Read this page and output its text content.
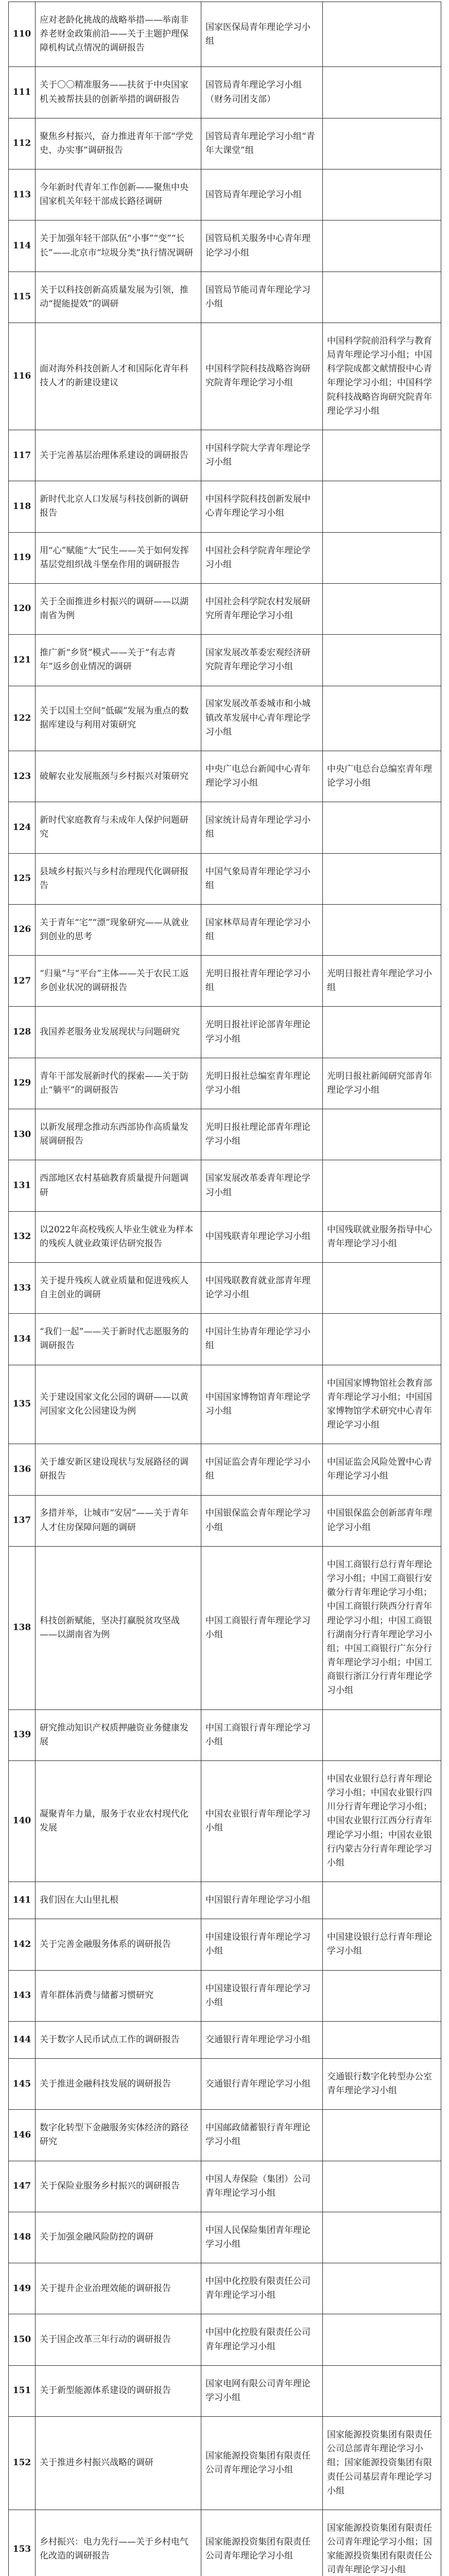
110	应对老龄化挑战的战略举措——举南非养老财金政策前沿——关于主题护理保障机构试点情况的调研报告	国家医保局青年理论学习小组	
111	关于〇〇精准服务——扶贫于中央国家机关被帮扶县的创新举措的调研报告	国管局青年理论学习小组（财务司团支部）	
112	聚焦乡村振兴，奋力推进青年干部“学党史、办实事”调研报告	国管局青年理论学习小组“青年大课堂”组	
113	今年新时代青年工作创新——聚焦中央国家机关年轻干部成长路径调研	国管局青年理论学习小组	
114	关于加强年轻干部队伍“小事”“变”“长长”——北京市“垃圾分类”执行情况调研	国管局机关服务中心青年理论学习小组	
115	关于以科技创新高质量发展为引领，推动“提能提效”的调研	国管局节能司青年理论学习小组	
116	面对海外科技创新人才和国际化青年科技人才的新建设建议	中国科学院科技战略咨询研究院青年理论学习小组	中国科学院前沿科学与教育局青年理论学习小组；中国科学院成都文献情报中心青年理论学习小组；中国科学院科技战略咨询研究院青年理论学习小组
117	关于完善基层治理体系建设的调研报告	中国科学院大学青年理论学习小组	
118	新时代北京人口发展与科技创新的调研报告	中国科学院科技创新发展中心青年理论学习小组	
119	用“心”赋能“大”民生——关于如何发挥基层党组织战斗堡垒作用的调研报告	中国社会科学院青年理论学习小组	
120	关于全面推进乡村振兴的调研——以湖南省为例	中国社会科学院农村发展研究所青年理论学习小组	
121	推广新“乡贤”模式——关于“有志青年”返乡创业情况的调研	国家发展改革委宏观经济研究院青年理论学习小组	
122	关于以国土空间“低碳”发展为重点的数据库建设与利用对策研究	国家发展改革委城市和小城镇改革发展中心青年理论学习小组	
123	破解农业发展瓶颈与乡村振兴对策研究	中央广电总台新闻中心青年理论学习小组	中央广电总台总编室青年理论学习小组
124	新时代家庭教育与未成年人保护问题研究	国家统计局青年理论学习小组	
125	县域乡村振兴与乡村治理现代化调研报告	中国气象局青年理论学习小组	
126	关于青年“宅”“漂”现象研究——从就业到创业的思考	国家林草局青年理论学习小组	
127	“归巢”与“平台”主体——关于农民工返乡创业状况的调研报告	光明日报社青年理论学习小组	光明日报社青年理论学习小组
128	我国养老服务业发展现状与问题研究	光明日报社评论部青年理论学习小组	
129	青年干部发展新时代的探索——关于防止“躺平”的调研报告	光明日报社总编室青年理论学习小组	光明日报社新闻研究部青年理论学习小组
130	以新发展理念推动东西部协作高质量发展调研报告	光明日报社理论部青年理论学习小组	
131	西部地区农村基础教育质量提升问题调研	国家发展改革委青年理论学习小组	
132	以2022年高校残疾人毕业生就业为样本的残疾人就业政策评估研究报告	中国残联青年理论学习小组	中国残联就业服务指导中心青年理论学习小组
133	关于提升残疾人就业质量和促进残疾人自主创业的调研	中国残联教育就业部青年理论学习小组	
134	“我们一起”——关于新时代志愿服务的调研报告	中国计生协青年理论学习小组	
135	关于建设国家文化公园的调研——以黄河国家文化公园建设为例	中国国家博物馆青年理论学习小组	中国国家博物馆社会教育部青年理论学习小组；中国国家博物馆学术研究中心青年理论学习小组
136	关于雄安新区建设现状与发展路径的调研报告	中国证监会青年理论学习小组	中国证监会风险处置中心青年理论学习小组
137	多措并举，让城市“安居”——关于青年人才住房保障问题的调研	中国银保监会青年理论学习小组	中国银保监会创新部青年理论学习小组
138	科技创新赋能，坚决打赢脱贫攻坚战——以湖南省为例	中国工商银行青年理论学习小组	中国工商银行总行青年理论学习小组；中国工商银行安徽分行青年理论学习小组；中国工商银行陕西分行青年理论学习小组；中国工商银行湖南分行青年理论学习小组；中国工商银行广东分行青年理论学习小组；中国工商银行浙江分行青年理论学习小组
139	研究推动知识产权质押融资业务健康发展	中国工商银行青年理论学习小组	
140	凝聚青年力量，服务于农业农村现代化发展	中国农业银行青年理论学习小组	中国农业银行总行青年理论学习小组；中国农业银行四川分行青年理论学习小组；中国农业银行江西分行青年理论学习小组；中国农业银行内蒙古分行青年理论学习小组
141	我们因在大山里扎根	中国银行青年理论学习小组	
142	关于完善金融服务体系的调研报告	中国建设银行青年理论学习小组	中国建设银行总行青年理论学习小组
143	青年群体消费与储蓄习惯研究	中国建设银行青年理论学习小组	
144	关于数字人民币试点工作的调研报告	交通银行青年理论学习小组	
145	关于推进金融科技发展的调研报告	交通银行青年理论学习小组	交通银行数字化转型办公室青年理论学习小组
146	数字化转型下金融服务实体经济的路径研究	中国邮政储蓄银行青年理论学习小组	
147	关于保险业服务乡村振兴的调研报告	中国人寿保险（集团）公司青年理论学习小组	
148	关于加强金融风险防控的调研	中国人民保险集团青年理论学习小组	
149	关于提升企业治理效能的调研报告	中国中化控股有限责任公司青年理论学习小组	
150	关于国企改革三年行动的调研报告	中国中化控股有限责任公司青年理论学习小组	
151	关于新型能源体系建设的调研报告	国家电网有限公司青年理论学习小组	
152	关于推进乡村振兴战略的调研	国家能源投资集团有限责任公司青年理论学习小组	国家能源投资集团有限责任公司总部青年理论学习小组；国家能源投资集团有限责任公司基层青年理论学习小组
153	乡村振兴：电力先行——关于乡村电气化改造的调研报告	国家能源投资集团有限责任公司青年理论学习小组	国家能源投资集团有限责任公司青年理论学习小组；国家能源投资集团有限责任公司青年理论学习小组
